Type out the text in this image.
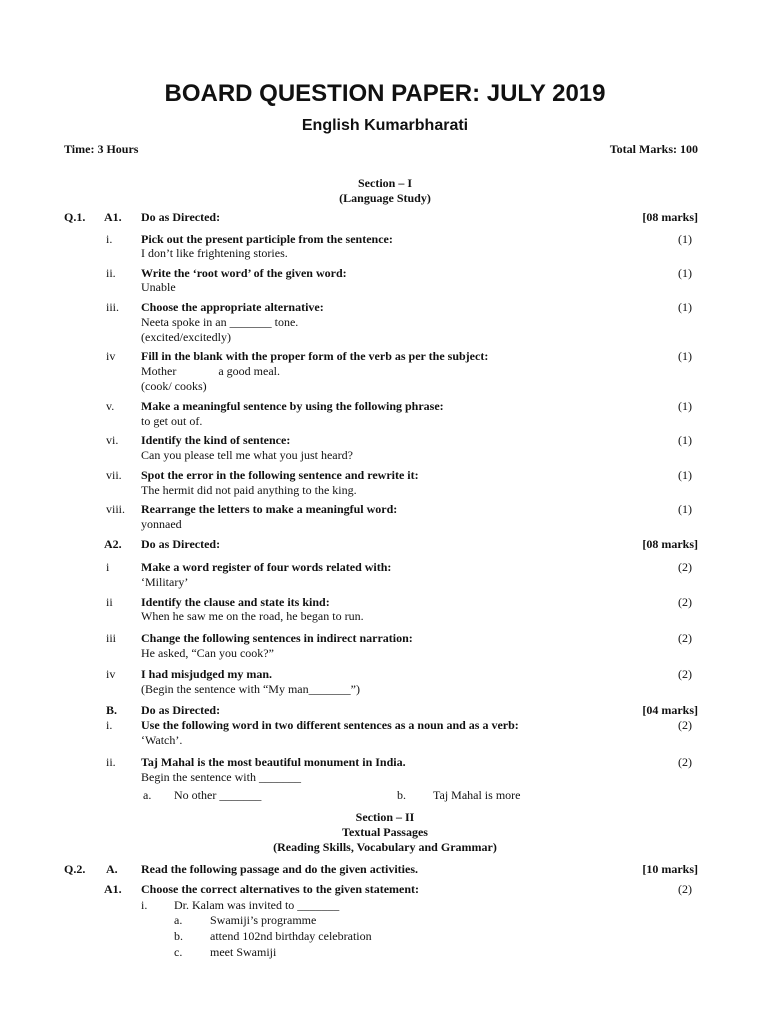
BOARD QUESTION PAPER: JULY 2019
English Kumarbharati
Time: 3 Hours	Total Marks: 100
Section – I
(Language Study)
Q.1. A1. Do as Directed:	[08 marks]
i. Pick out the present participle from the sentence:	(1)
I don’t like frightening stories.
ii. Write the ‘root word’ of the given word:	(1)
Unable
iii. Choose the appropriate alternative:	(1)
Neeta spoke in an _______ tone.
(excited/excitedly)
iv Fill in the blank with the proper form of the verb as per the subject:	(1)
Mother              a good meal.
(cook/ cooks)
v. Make a meaningful sentence by using the following phrase:	(1)
to get out of.
vi. Identify the kind of sentence:	(1)
Can you please tell me what you just heard?
vii. Spot the error in the following sentence and rewrite it:	(1)
The hermit did not paid anything to the king.
viii. Rearrange the letters to make a meaningful word:	(1)
yonnaed
A2. Do as Directed:	[08 marks]
i	Make a word register of four words related with:	(2)
‘Military’
ii Identify the clause and state its kind:	(2)
When he saw me on the road, he began to run.
iii Change the following sentences in indirect narration:	(2)
He asked, “Can you cook?”
iv I had misjudged my man.	(2)
(Begin the sentence with “My man_______”)
B. Do as Directed:	[04 marks]
i. Use the following word in two different sentences as a noun and as a verb:	(2)
‘Watch’.
ii. Taj Mahal is the most beautiful monument in India.	(2)
Begin the sentence with _______
a. No other _______	b. Taj Mahal is more
Section – II
Textual Passages
(Reading Skills, Vocabulary and Grammar)
Q.2. A. Read the following passage and do the given activities.	[10 marks]
A1. Choose the correct alternatives to the given statement:	(2)
i. Dr. Kalam was invited to _______
a. Swamiji’s programme
b. attend 102nd birthday celebration
c. meet Swamiji
